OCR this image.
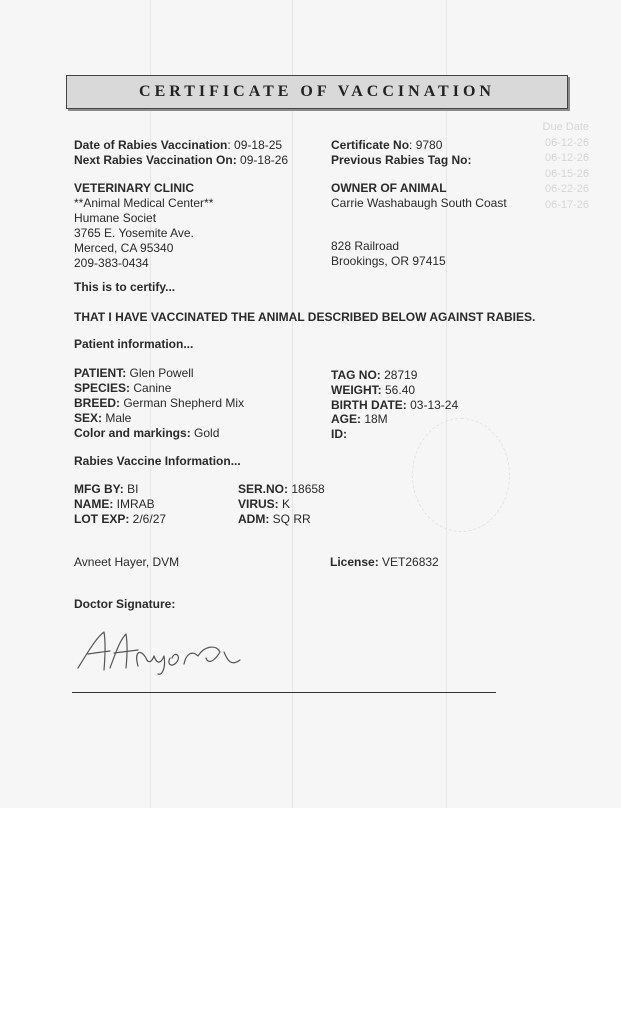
Due Date
06-12-26
06-12-26
06-15-26
06-22-26
06-17-26
CERTIFICATE OF VACCINATION
Date of Rabies Vaccination: 09-18-25
Next Rabies Vaccination On: 09-18-26
Certificate No: 9780
Previous Rabies Tag No:
VETERINARY CLINIC
**Animal Medical Center**
Humane Societ
3765 E. Yosemite Ave.
Merced, CA 95340
209-383-0434
OWNER OF ANIMAL
Carrie Washabaugh South Coast
828 Railroad
Brookings, OR 97415
This is to certify...
THAT I HAVE VACCINATED THE ANIMAL DESCRIBED BELOW AGAINST RABIES.
Patient information...
PATIENT: Glen Powell
SPECIES: Canine
BREED: German Shepherd Mix
SEX: Male
Color and markings: Gold
TAG NO: 28719
WEIGHT: 56.40
BIRTH DATE: 03-13-24
AGE: 18M
ID:
Rabies Vaccine Information...
MFG BY: BI
NAME: IMRAB
LOT EXP: 2/6/27
SER.NO: 18658
VIRUS: K
ADM: SQ RR
Avneet Hayer, DVM	License: VET26832
Doctor Signature:
